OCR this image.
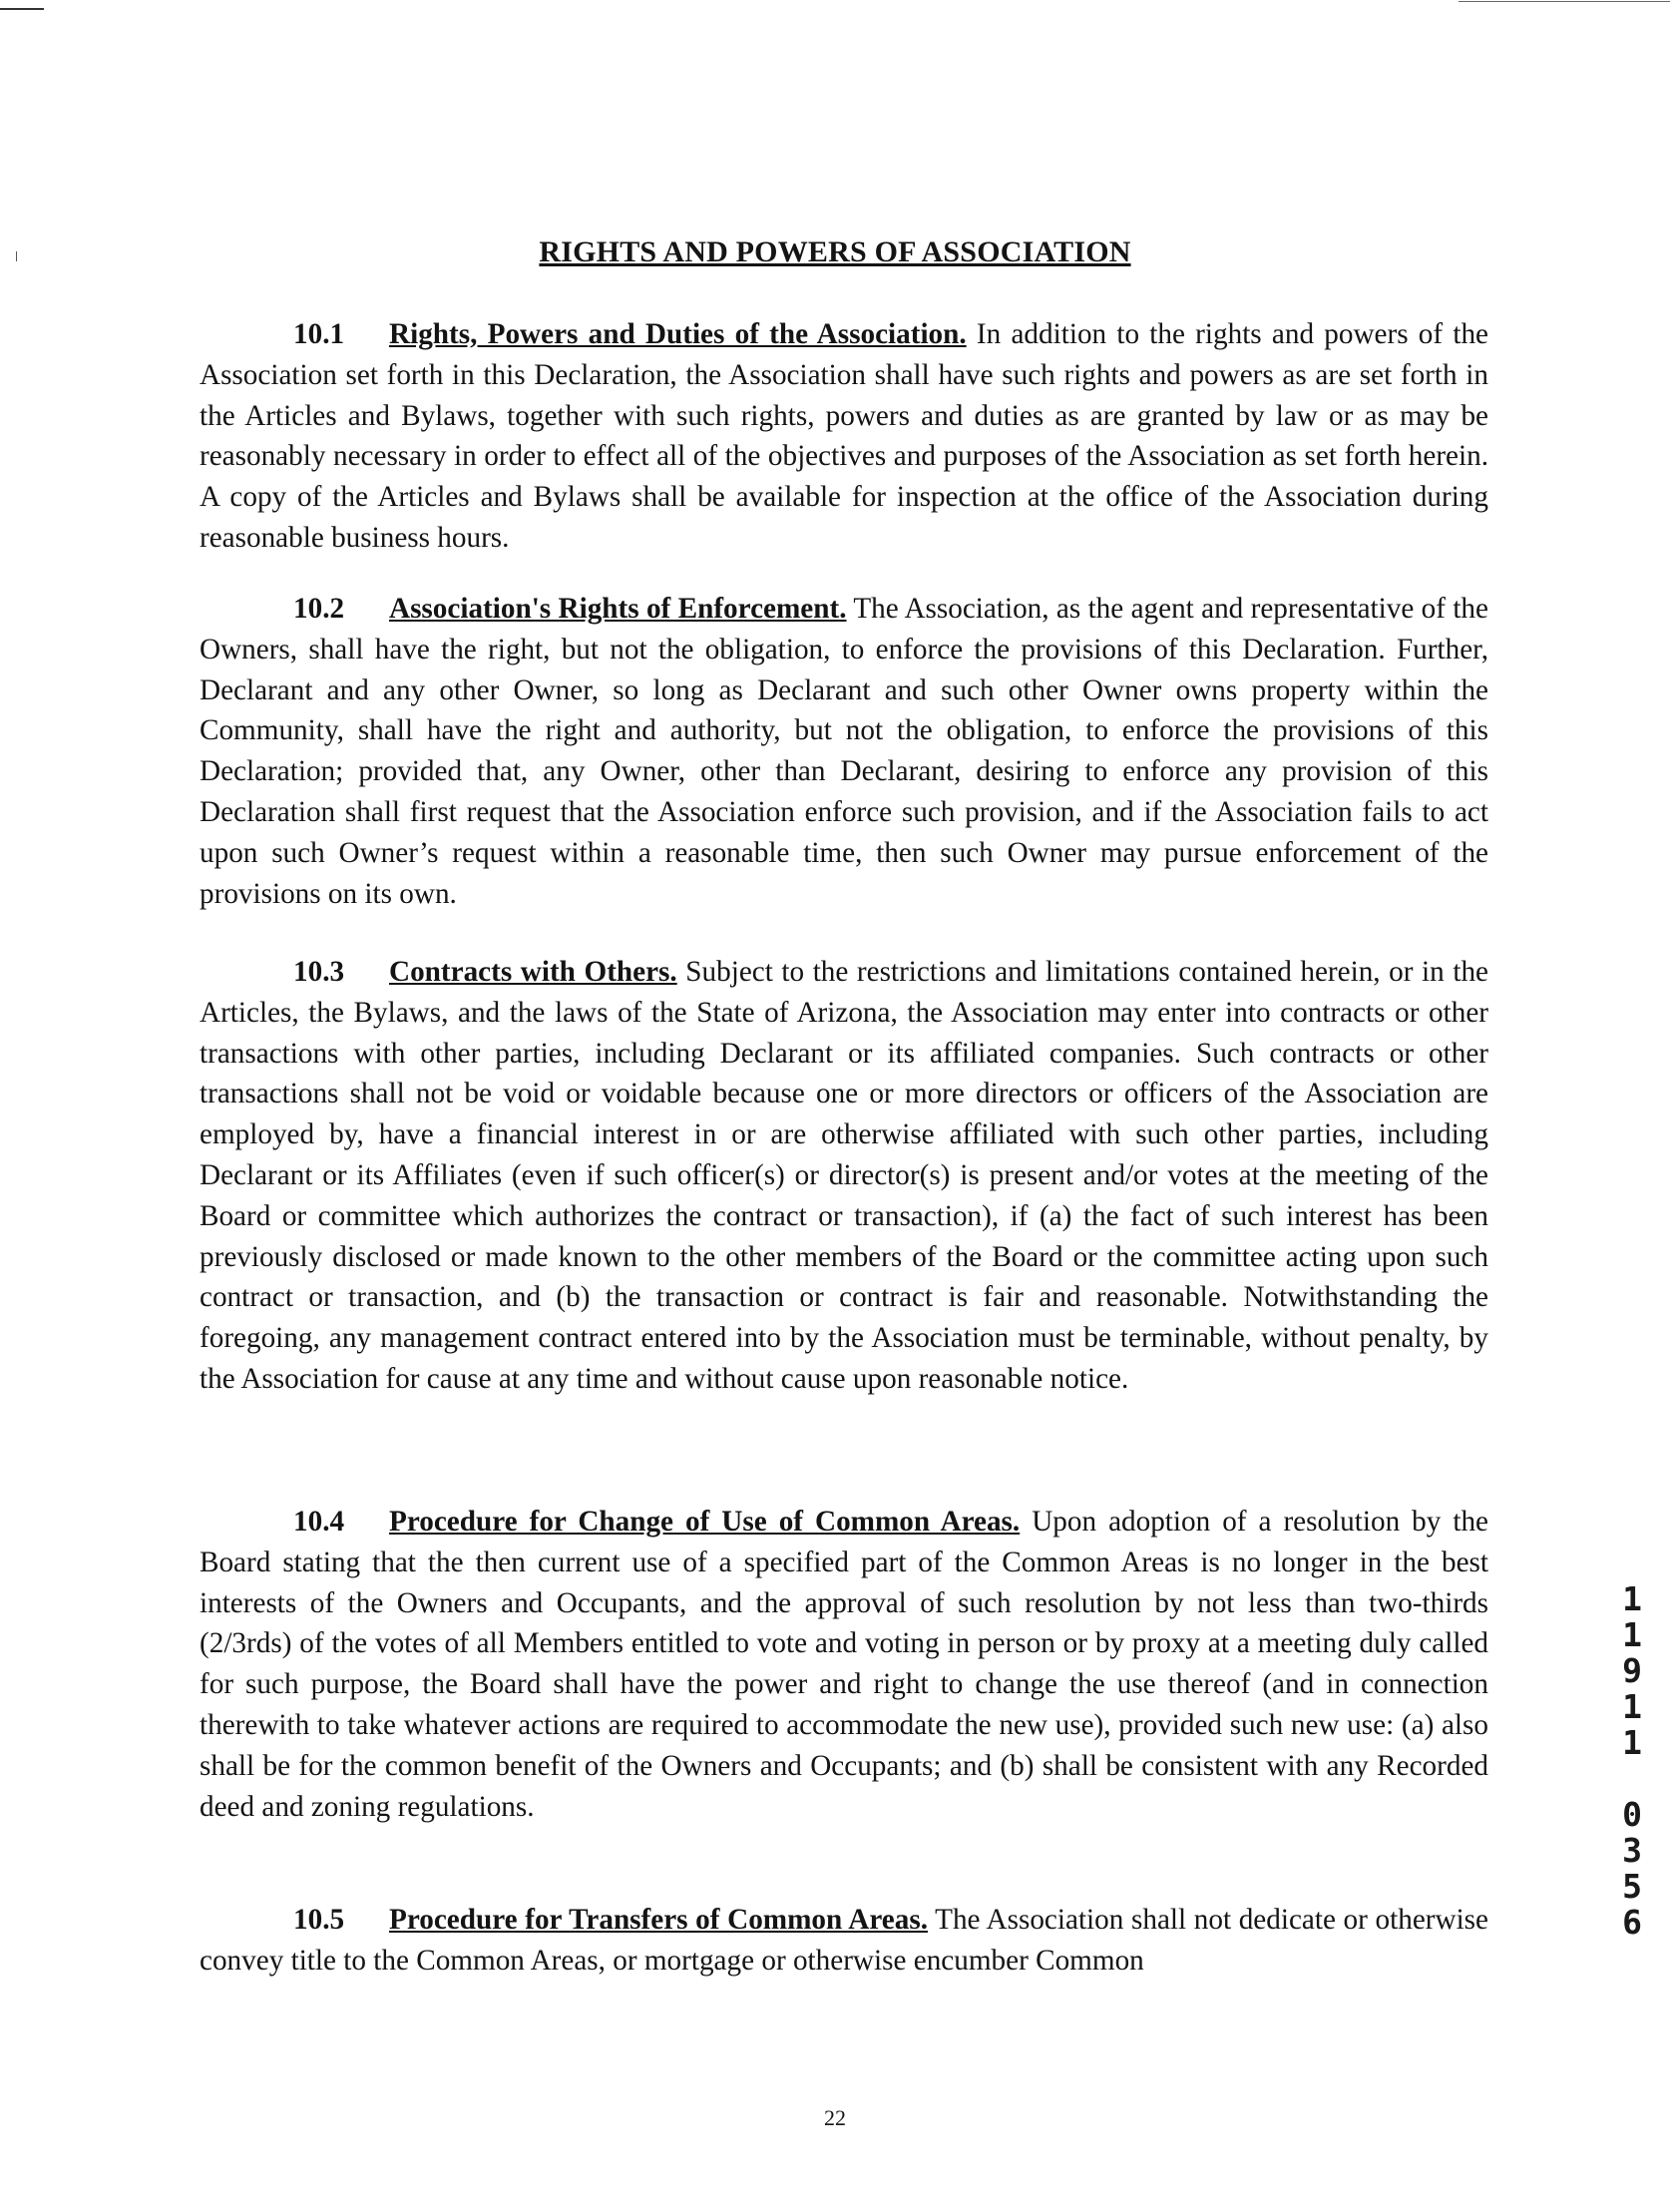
RIGHTS AND POWERS OF ASSOCIATION
10.1 Rights, Powers and Duties of the Association. In addition to the rights and powers of the Association set forth in this Declaration, the Association shall have such rights and powers as are set forth in the Articles and Bylaws, together with such rights, powers and duties as are granted by law or as may be reasonably necessary in order to effect all of the objectives and purposes of the Association as set forth herein. A copy of the Articles and Bylaws shall be available for inspection at the office of the Association during reasonable business hours.
10.2 Association's Rights of Enforcement. The Association, as the agent and representative of the Owners, shall have the right, but not the obligation, to enforce the provisions of this Declaration. Further, Declarant and any other Owner, so long as Declarant and such other Owner owns property within the Community, shall have the right and authority, but not the obligation, to enforce the provisions of this Declaration; provided that, any Owner, other than Declarant, desiring to enforce any provision of this Declaration shall first request that the Association enforce such provision, and if the Association fails to act upon such Owner’s request within a reasonable time, then such Owner may pursue enforcement of the provisions on its own.
10.3 Contracts with Others. Subject to the restrictions and limitations contained herein, or in the Articles, the Bylaws, and the laws of the State of Arizona, the Association may enter into contracts or other transactions with other parties, including Declarant or its affiliated companies. Such contracts or other transactions shall not be void or voidable because one or more directors or officers of the Association are employed by, have a financial interest in or are otherwise affiliated with such other parties, including Declarant or its Affiliates (even if such officer(s) or director(s) is present and/or votes at the meeting of the Board or committee which authorizes the contract or transaction), if (a) the fact of such interest has been previously disclosed or made known to the other members of the Board or the committee acting upon such contract or transaction, and (b) the transaction or contract is fair and reasonable. Notwithstanding the foregoing, any management contract entered into by the Association must be terminable, without penalty, by the Association for cause at any time and without cause upon reasonable notice.
10.4 Procedure for Change of Use of Common Areas. Upon adoption of a resolution by the Board stating that the then current use of a specified part of the Common Areas is no longer in the best interests of the Owners and Occupants, and the approval of such resolution by not less than two-thirds (2/3rds) of the votes of all Members entitled to vote and voting in person or by proxy at a meeting duly called for such purpose, the Board shall have the power and right to change the use thereof (and in connection therewith to take whatever actions are required to accommodate the new use), provided such new use: (a) also shall be for the common benefit of the Owners and Occupants; and (b) shall be consistent with any Recorded deed and zoning regulations.
10.5 Procedure for Transfers of Common Areas. The Association shall not dedicate or otherwise convey title to the Common Areas, or mortgage or otherwise encumber Common
22
1
1
9
1
1

0
3
5
6
